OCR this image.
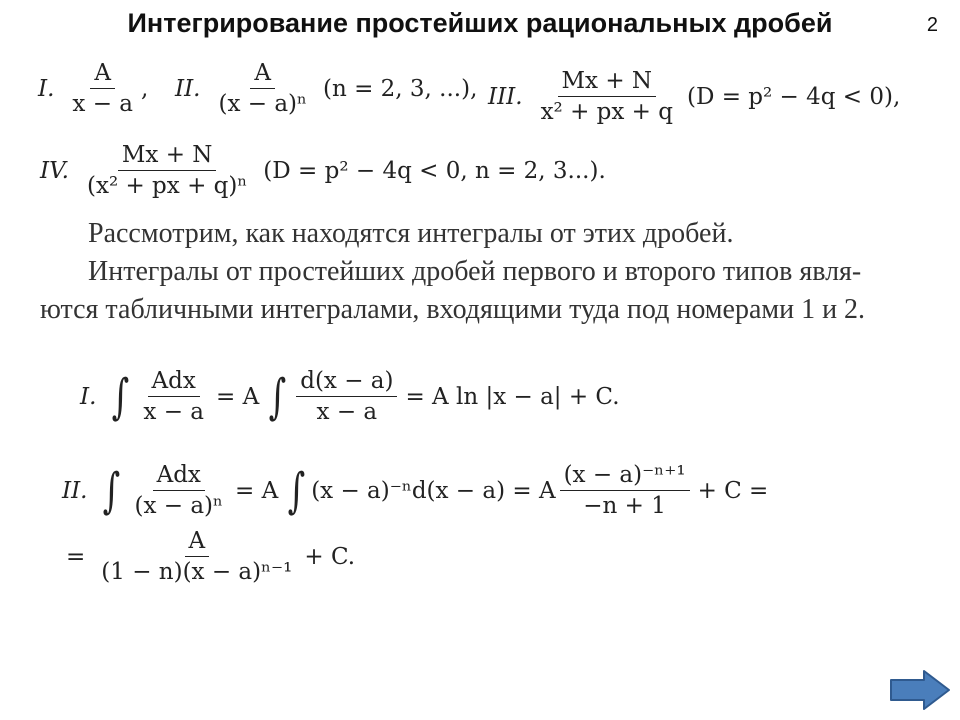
Интегрирование простейших рациональных дробей	2
I. $\frac{A}{x - a}$ , II. $\frac{A}{\text{(x − a)ⁿ}} (n = 2$, 3, ...), III. $\frac{Mx + N}{\text{x² + px + q}} (D = p^2 - 4q < 0)$,
IV. $\frac{Mx + N}{\text{(x² + px + q)ⁿ}} (D = p^2 - 4q < 0$, n = 2, 3...).
Рассмотрим, как находятся интегралы от этих дробей.
Интегралы от простейших дробей первого и второго типов явля-
ются табличными интегралами, входящими туда под номерами 1 и 2.
I. ∫ $\frac{\text{Adx}}{x - a} = A$ ∫ $\frac{d(x - a)}{x - a} = A$ ln |x − a| + C.
II. ∫ $\frac{\text{Adx}}{\text{(x − a)ⁿ}} = A$ ∫ (x − a)⁻ⁿd(x − a) = A $\frac{\text{(x − a)⁻ⁿ⁺¹}}{-n + 1} + C$ =
= $\frac{A}{\text{(1 − n)(x − a)ⁿ⁻¹}} + C$.
